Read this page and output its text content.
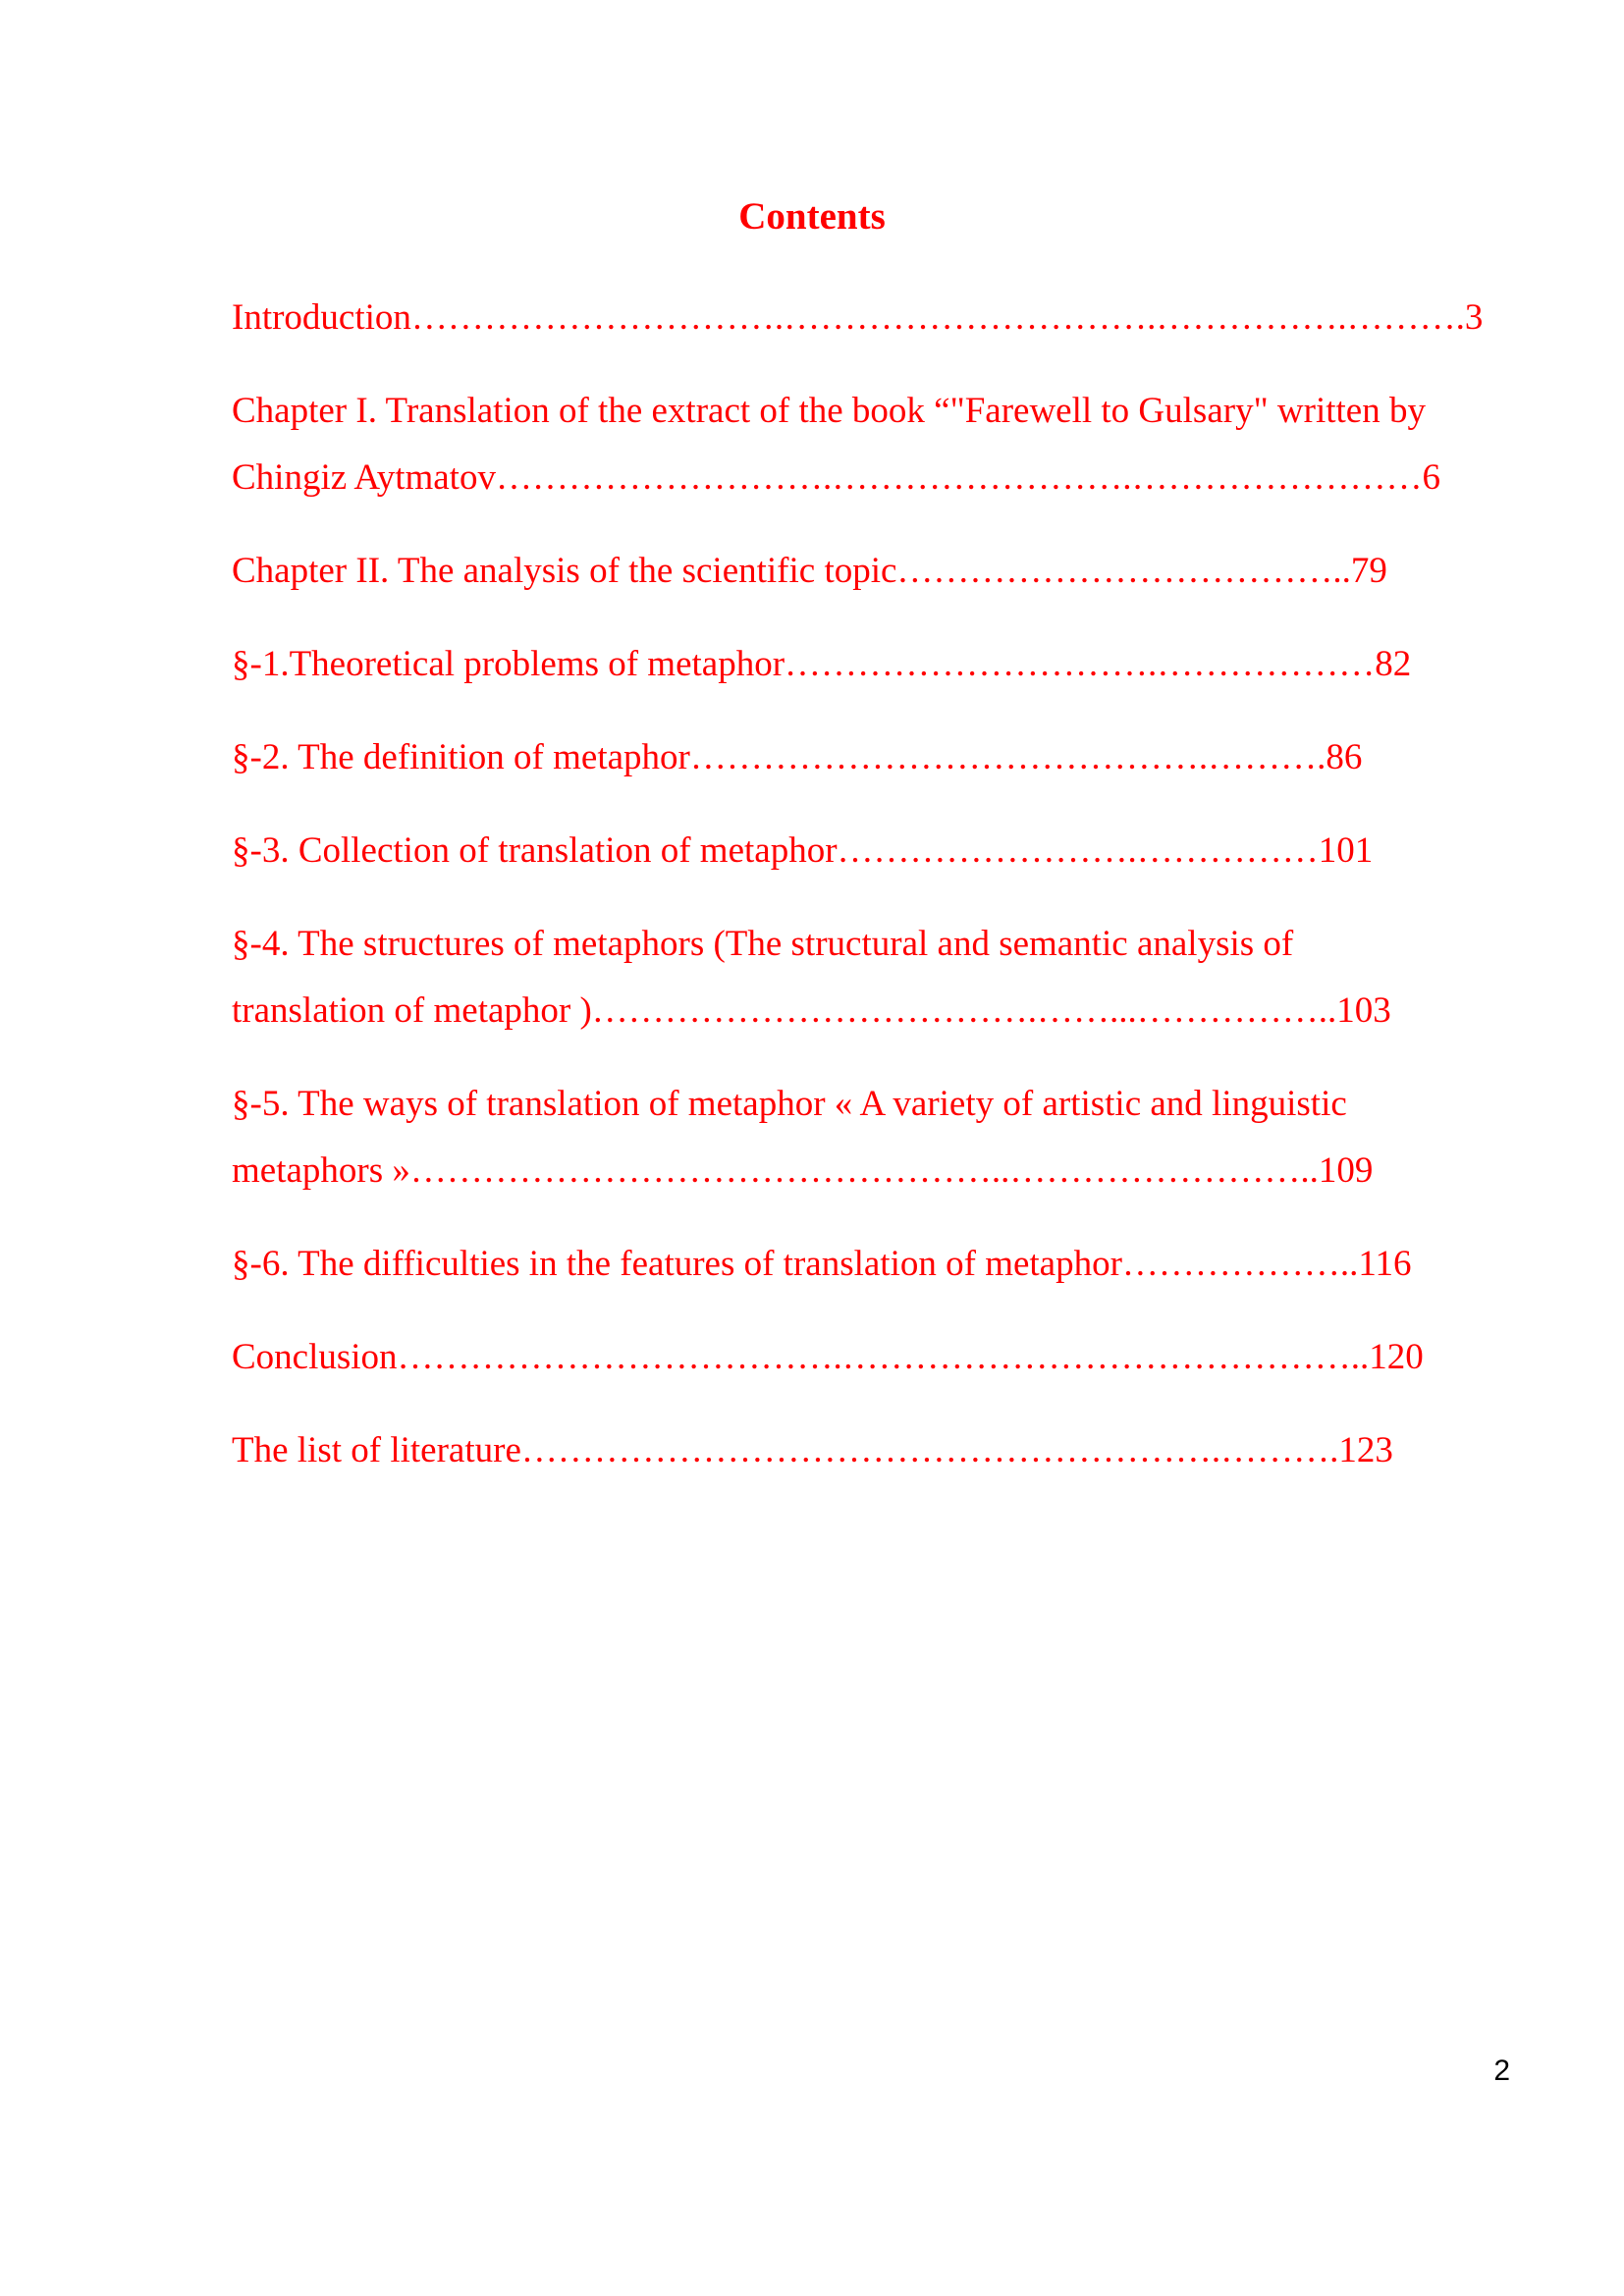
Contents
Introduction………………………….………………………….…………….……….3
Chapter I. Translation of the extract of the book “"Farewell to Gulsary" written by
Chingiz Aytmatov……………………….…………………….……………………6
Chapter II. The analysis of the scientific topic………………………………..79
§-1.Theoretical problems of metaphor………………………….………………82
§-2. The definition of metaphor…………………………………….……….86
§-3. Collection of translation of metaphor…………………….……………101
§-4. The structures of metaphors (The structural and semantic analysis of
translation of metaphor )……………………………….……...……………..103
§-5. The ways of translation of metaphor « A variety of artistic and linguistic
metaphors »…………………………………………..……………………..109
§-6. The difficulties in the features of translation of metaphor………………..116
Conclusion……………………………….……………………………………..120
The list of literature………………………………………………….……….123
2
